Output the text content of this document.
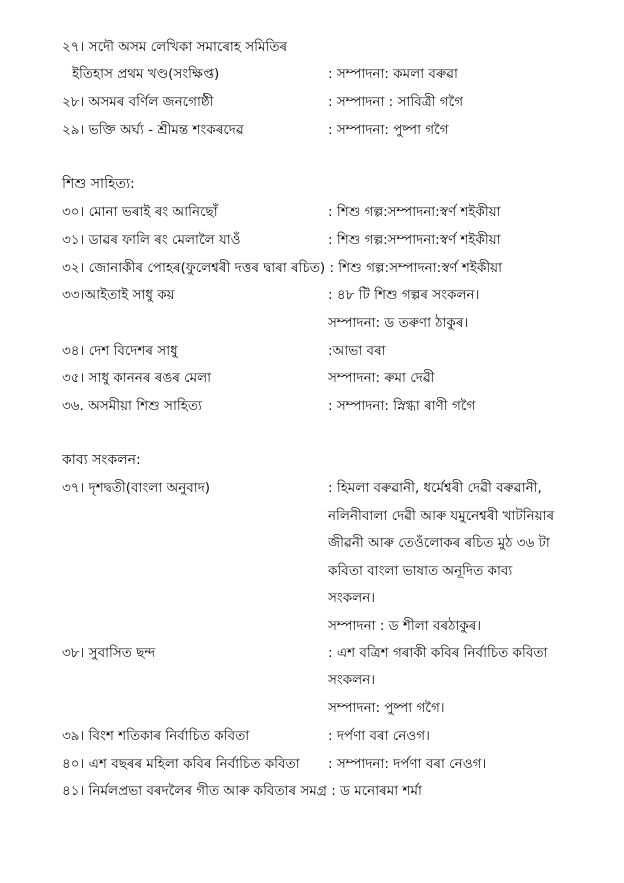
২৭। সদৌ অসম লেখিকা সমাৰোহ সমিতিৰ
ইতিহাস প্ৰথম খণ্ড(সংক্ষিপ্ত)	: সম্পাদনা: কমলা বৰুৱা
২৮। অসমৰ বৰ্ণিল জনগোষ্ঠী	: সম্পাদনা : সাবিত্ৰী গগৈ
২৯। ভক্তি অৰ্ঘ্য - শ্ৰীমন্ত শংকৰদেৱ	: সম্পাদনা: পুষ্পা গগৈ
শিশু সাহিত্য:
৩০। মোনা ভৰাই ৰং আনিছোঁ	: শিশু গল্প:সম্পাদনা:স্বৰ্ণ শইকীয়া
৩১। ডাৱৰ ফালি ৰং মেলালৈ যাওঁ	: শিশু গল্প:সম্পাদনা:স্বৰ্ণ শইকীয়া
৩২। জোনাকীৰ পোহৰ(ফুলেশ্বৰী দত্তৰ দ্বাৰা ৰচিত) : শিশু গল্প:সম্পাদনা:স্বৰ্ণ শইকীয়া
৩৩।আইতাই সাধু কয়	: ৪৮ টি শিশু গল্পৰ সংকলন।
সম্পাদনা: ড তৰুণা ঠাকুৰ।
৩৪। দেশ বিদেশৰ সাধু	:আভা বৰা
৩৫। সাধু কাননৰ ৰঙৰ মেলা	সম্পাদনা: ৰুমা দেৱী
৩৬. অসমীয়া শিশু সাহিত্য	: সম্পাদনা: স্নিগ্ধা ৰাণী গগৈ
কাব্য সংকলন:
৩৭। দৃশদ্বতী(বাংলা অনুবাদ)	: হিমলা বৰুৱানী, ধৰ্মেশ্বৰী দেৱী বৰুৱানী,
নলিনীবালা দেৱী আৰু যমুনেশ্বৰী খাটনিয়াৰ
জীৱনী আৰু তেওঁলোকৰ ৰচিত মুঠ ৩৬ টা
কবিতা বাংলা ভাষাত অনূদিত কাব্য
সংকলন।
সম্পাদনা : ড শীলা বৰঠাকুৰ।
৩৮। সুবাসিত ছন্দ	: এশ বত্ৰিশ গৰাকী কবিৰ নিৰ্বাচিত কবিতা
সংকলন।
সম্পাদনা: পুষ্পা গগৈ।
৩৯। বিংশ শতিকাৰ নিৰ্বাচিত কবিতা	: দৰ্পণা বৰা নেওগ।
৪০। এশ বছৰৰ মহিলা কবিৰ নিৰ্বাচিত কবিতা : সম্পাদনা: দৰ্পণা বৰা নেওগ।
৪১। নিৰ্মলপ্ৰভা বৰদলৈৰ গীত আৰু কবিতাৰ সমগ্ৰ : ড মনোৰমা শৰ্মা
